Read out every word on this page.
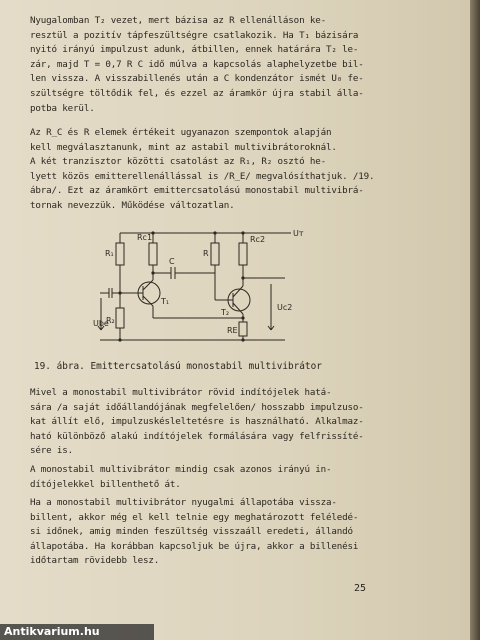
Nyugalomban T₂ vezet, mert bázisa az R ellenálláson ke-
resztül a pozitív tápfeszültségre csatlakozik. Ha T₁ bázisára
nyitó irányú impulzust adunk, átbillen, ennek határára T₂ le-
zár, majd T = 0,7 R C idő múlva a kapcsolás alaphelyzetbe bil-
len vissza. A visszabillenés után a C kondenzátor ismét U₀ fe-
szültségre töltődik fel, és ezzel az áramkör újra stabil álla-
potba kerül.
Az R_C és R elemek értékeit ugyanazon szempontok alapján
kell megválasztanunk, mint az astabil multivibrátoroknál.
A két tranzisztor közötti csatolást az R₁, R₂ osztó he-
lyett közös emitterellenállással is /R_E/ megvalósíthatjuk. /19.
ábra/. Ezt az áramkört emittercsatolású monostabil multivibrá-
tornak nevezzük. Működése változatlan.
R₁
Rc1
R
Rc2
C
T₁
T₂
R₂
RE
Uт
Ube
Uc2
19. ábra. Emittercsatolású monostabil multivibrátor
Mivel a monostabil multivibrátor rövid indítójelek hatá-
sára /a saját időállandójának megfelelően/ hosszabb impulzuso-
kat állít elő, impulzuskésleltetésre is használható. Alkalmaz-
ható különböző alakú indítójelek formálására vagy felfrissíté-
sére is.
A monostabil multivibrátor mindig csak azonos irányú in-
dítójelekkel billenthető át.
Ha a monostabil multivibrátor nyugalmi állapotába vissza-
billent, akkor még el kell telnie egy meghatározott feléledé-
si időnek, amig minden feszültség visszaáll eredeti, állandó
állapotába. Ha korábban kapcsoljuk be újra, akkor a billenési
időtartam rövidebb lesz.
25
Antikvarium.hu
